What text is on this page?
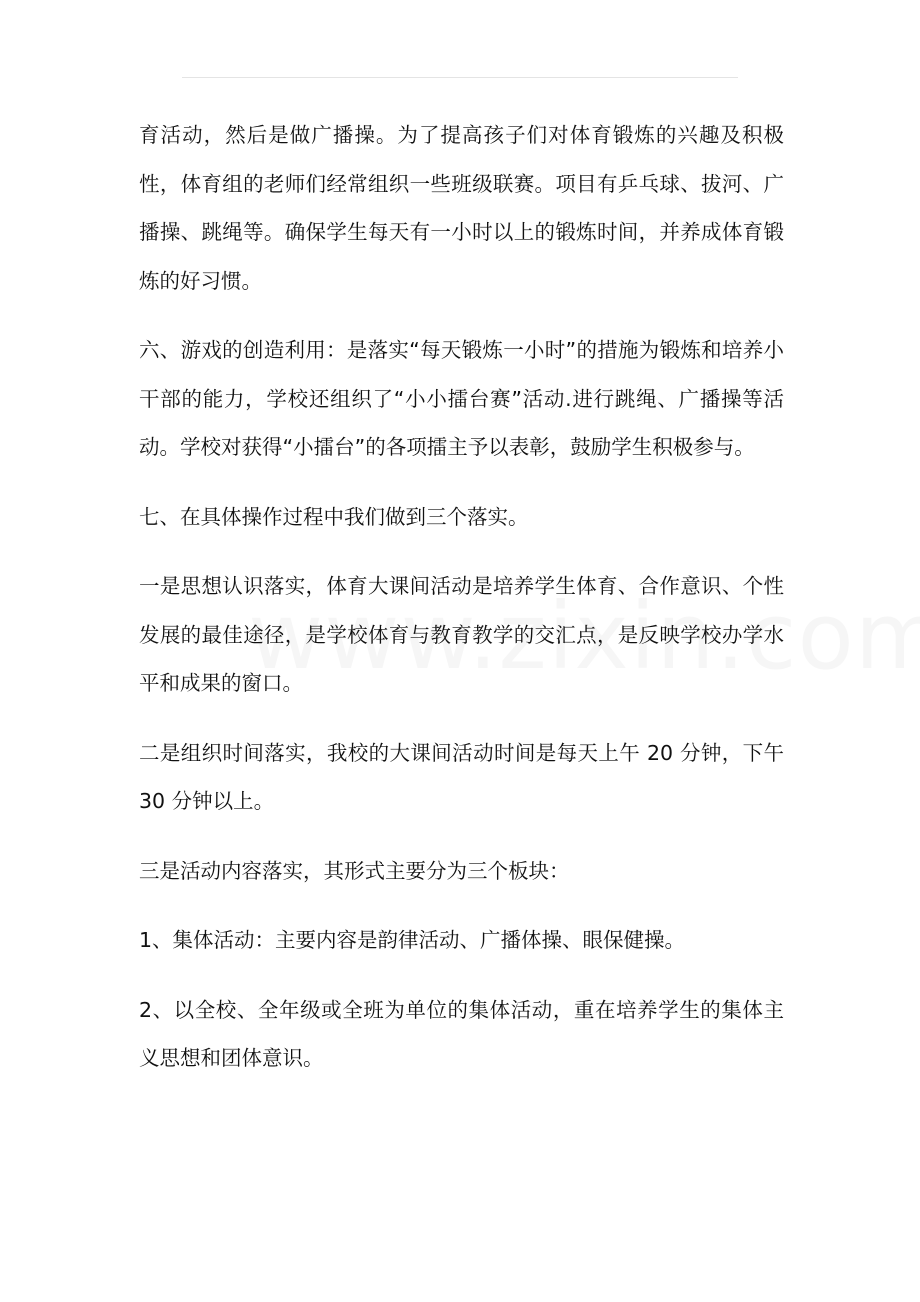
育活动，然后是做广播操。为了提高孩子们对体育锻炼的兴趣及积极性，体育组的老师们经常组织一些班级联赛。项目有乒乓球、拔河、广播操、跳绳等。确保学生每天有一小时以上的锻炼时间，并养成体育锻炼的好习惯。

六、游戏的创造利用：是落实“每天锻炼一小时”的措施为锻炼和培养小干部的能力，学校还组织了“小小擂台赛”活动.进行跳绳、广播操等活动。学校对获得“小擂台”的各项擂主予以表彰，鼓励学生积极参与。

七、在具体操作过程中我们做到三个落实。

一是思想认识落实，体育大课间活动是培养学生体育、合作意识、个性发展的最佳途径，是学校体育与教育教学的交汇点，是反映学校办学水平和成果的窗口。

二是组织时间落实，我校的大课间活动时间是每天上午 20 分钟，下午 30 分钟以上。

三是活动内容落实，其形式主要分为三个板块：

1、集体活动：主要内容是韵律活动、广播体操、眼保健操。

2、以全校、全年级或全班为单位的集体活动，重在培养学生的集体主义思想和团体意识。
